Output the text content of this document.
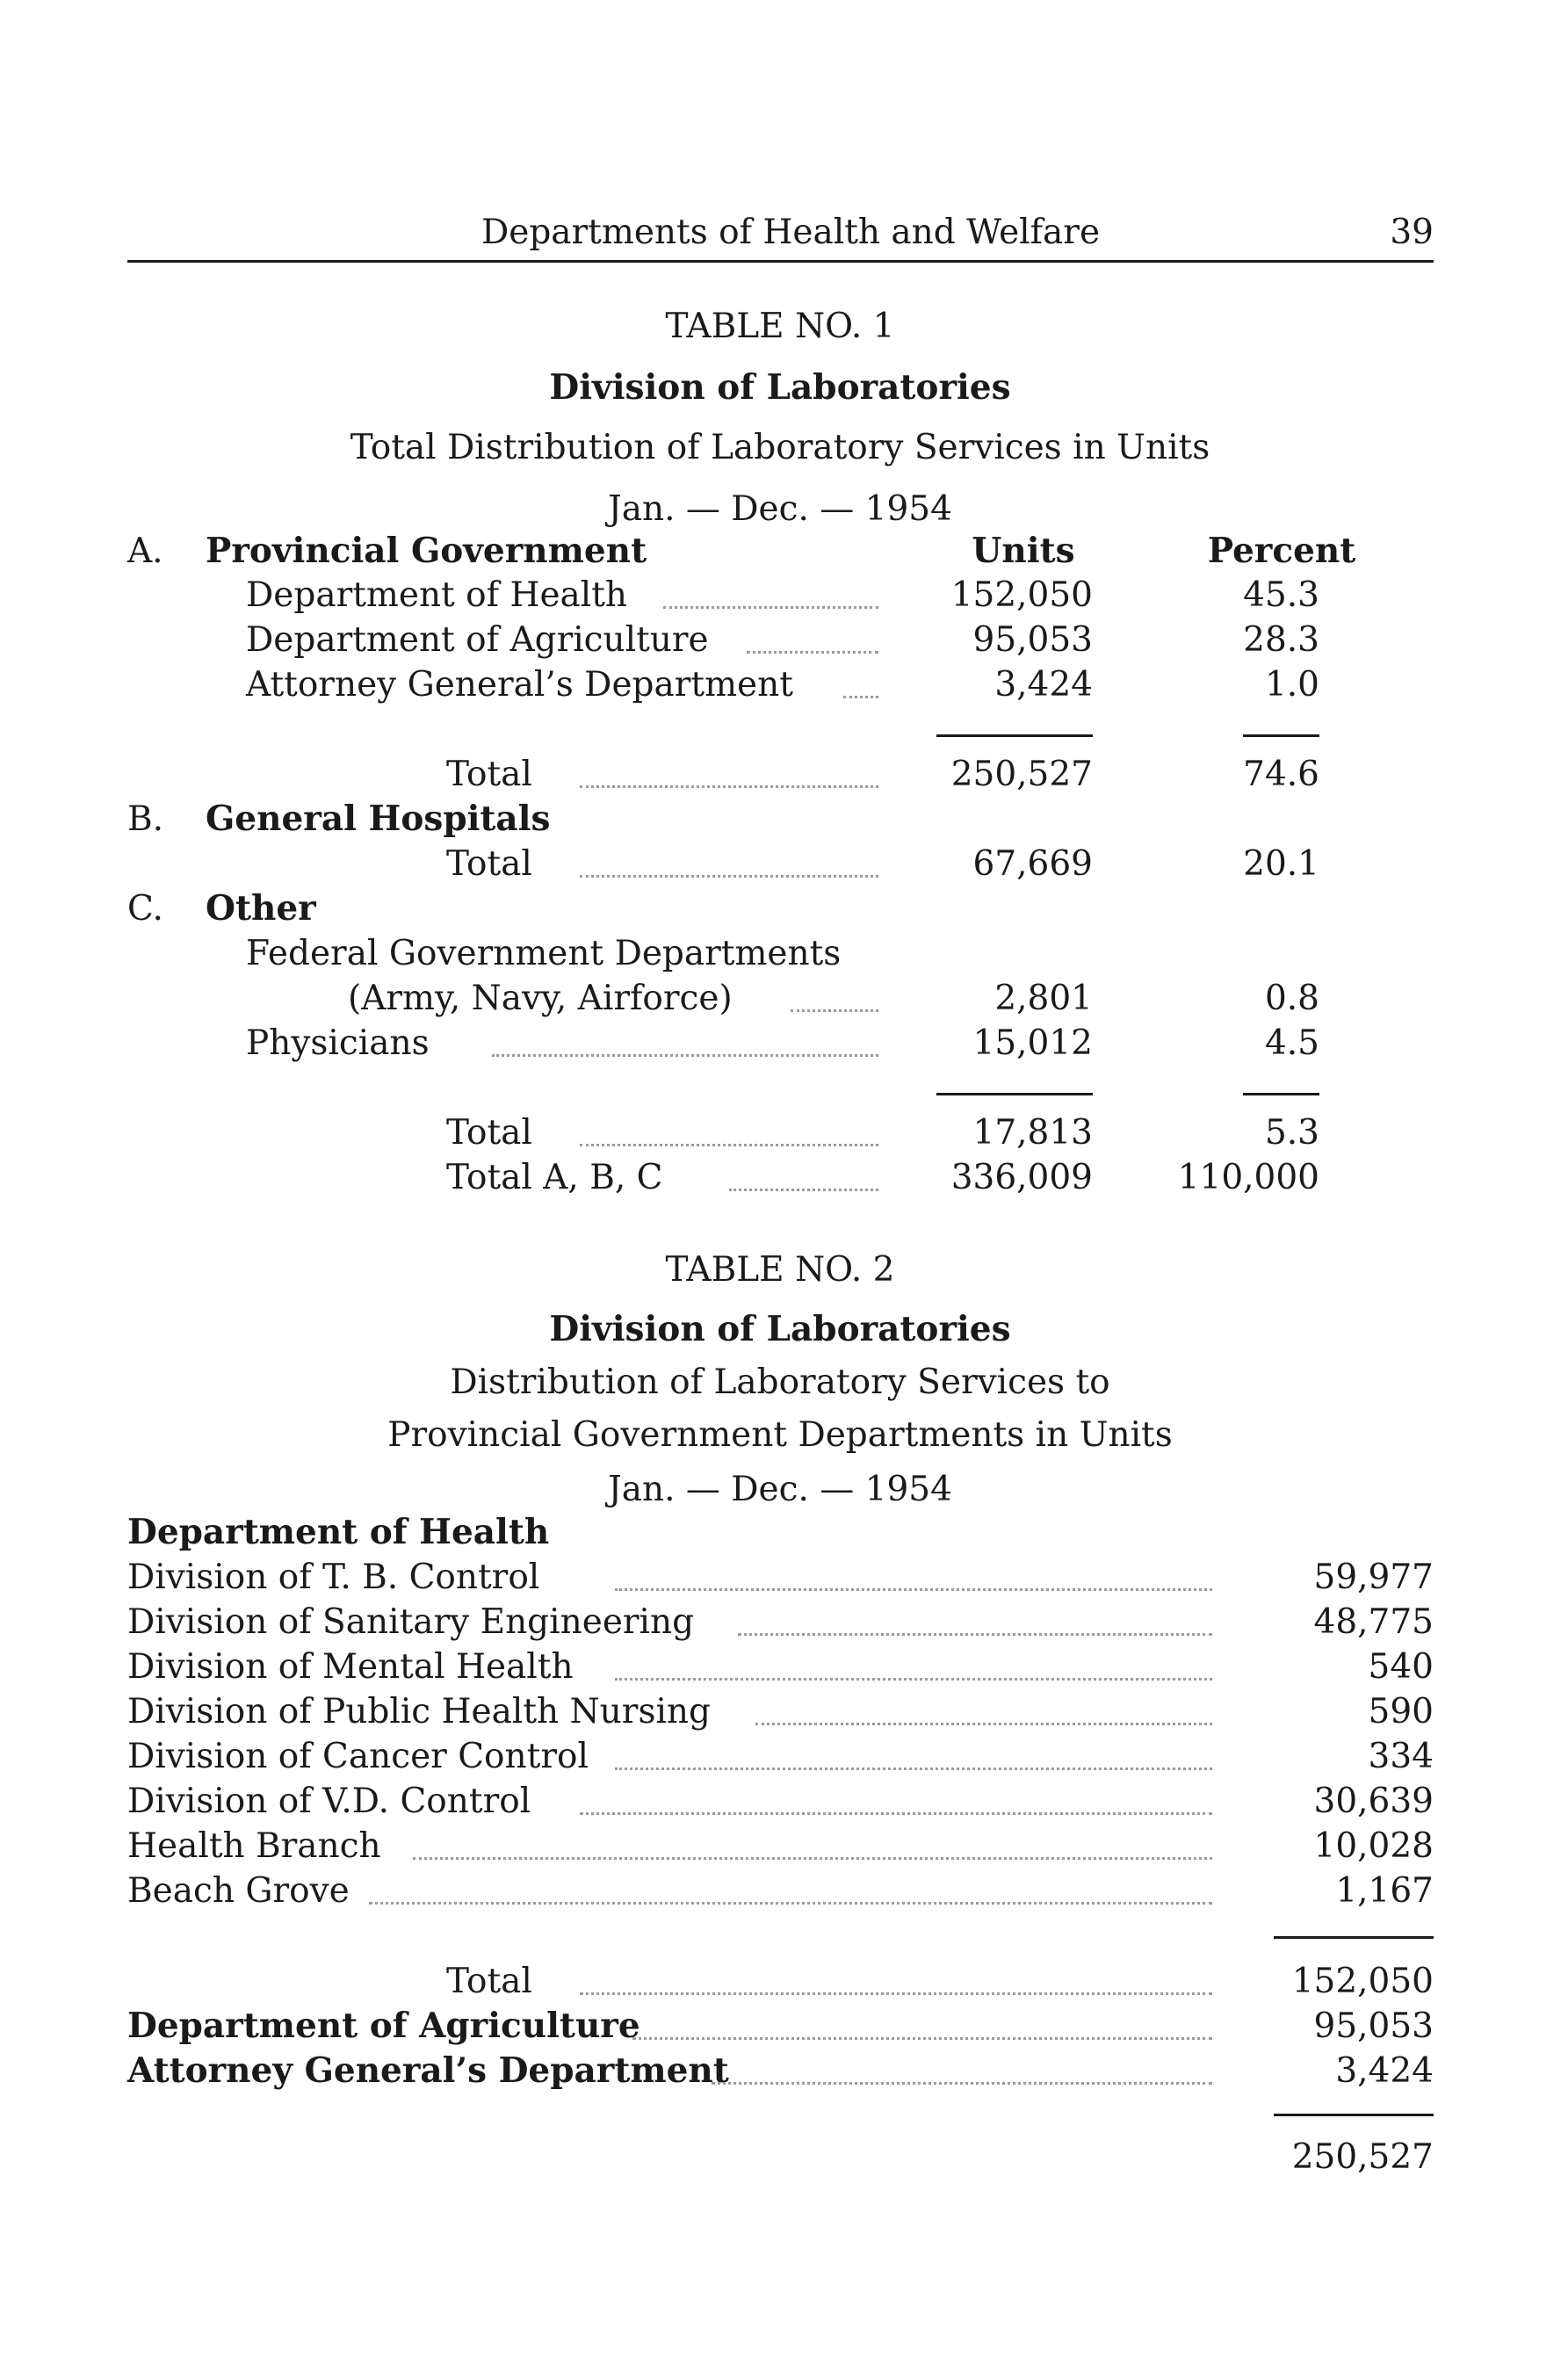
Departments of Health and Welfare	39
TABLE NO. 1
Division of Laboratories
Total Distribution of Laboratory Services in Units
Jan. — Dec. — 1954
A. Provincial Government	Units	Percent
Department of Health	152,050	45.3
Department of Agriculture	95,053	28.3
Attorney General’s Department	3,424	1.0
Total	250,527	74.6
B. General Hospitals
Total	67,669	20.1
C. Other
Federal Government Departments
(Army, Navy, Airforce)	2,801	0.8
Physicians	15,012	4.5
Total	17,813	5.3
Total A, B, C	336,009 110,000
TABLE NO. 2
Division of Laboratories
Distribution of Laboratory Services to
Provincial Government Departments in Units
Jan. — Dec. — 1954
Department of Health
Division of T. B. Control	59,977
Division of Sanitary Engineering	48,775
Division of Mental Health	540
Division of Public Health Nursing	590
Division of Cancer Control	334
Division of V.D. Control	30,639
Health Branch	10,028
Beach Grove	1,167
Total	152,050
Department of Agriculture	95,053
Attorney General’s Department	3,424
250,527
